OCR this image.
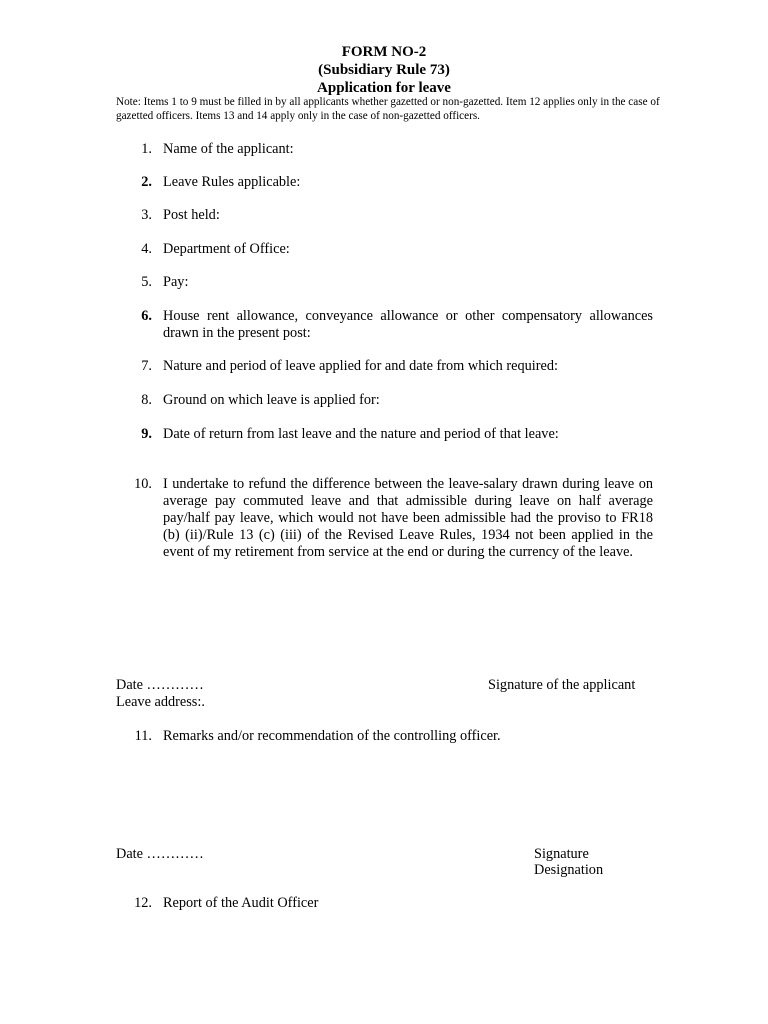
FORM NO-2
(Subsidiary Rule 73)
Application for leave
Note: Items 1 to 9 must be filled in by all applicants whether gazetted or non-gazetted. Item 12 applies only in the case of gazetted officers. Items 13 and 14 apply only in the case of non-gazetted officers.
1. Name of the applicant:
2. Leave Rules applicable:
3. Post held:
4. Department of Office:
5. Pay:
6. House rent allowance, conveyance allowance or other compensatory allowances drawn in the present post:
7. Nature and period of leave applied for and date from which required:
8. Ground on which leave is applied for:
9. Date of return from last leave and the nature and period of that leave:
10. I undertake to refund the difference between the leave-salary drawn during leave on average pay commuted leave and that admissible during leave on half average pay/half pay leave, which would not have been admissible had the proviso to FR18 (b) (ii)/Rule 13 (c) (iii) of the Revised Leave Rules, 1934 not been applied in the event of my retirement from service at the end or during the currency of the leave.
Date …………	Signature of the applicant
Leave address:.
11. Remarks and/or recommendation of the controlling officer.
Date …………	Signature
Designation
12. Report of the Audit Officer
